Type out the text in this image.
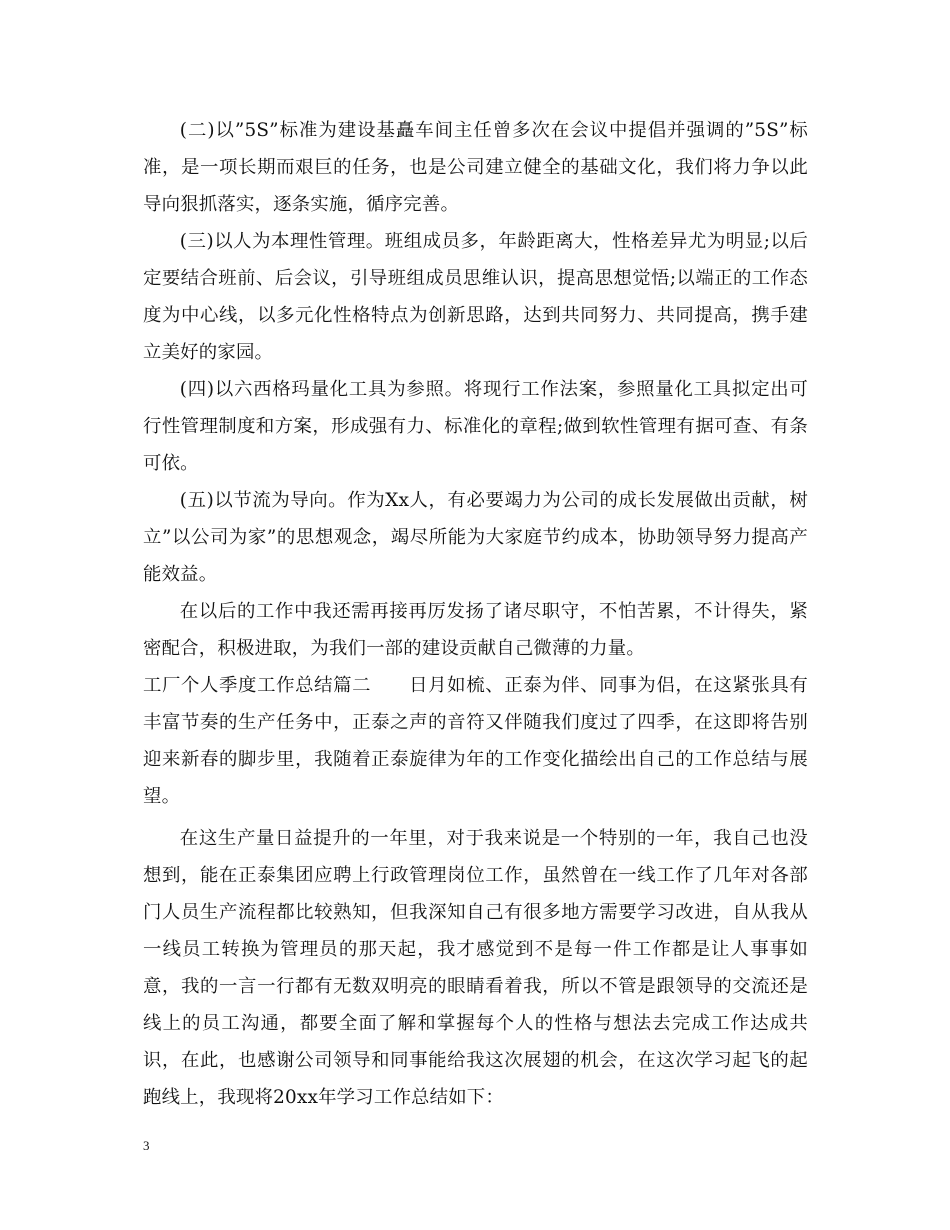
(二)以”5S”标准为建设基矗车间主任曾多次在会议中提倡并强调的”5S”标准，是一项长期而艰巨的任务，也是公司建立健全的基础文化，我们将力争以此导向狠抓落实，逐条实施，循序完善。

(三)以人为本理性管理。班组成员多，年龄距离大，性格差异尤为明显;以后定要结合班前、后会议，引导班组成员思维认识，提高思想觉悟;以端正的工作态度为中心线，以多元化性格特点为创新思路，达到共同努力、共同提高，携手建立美好的家园。

(四)以六西格玛量化工具为参照。将现行工作法案，参照量化工具拟定出可行性管理制度和方案，形成强有力、标准化的章程;做到软性管理有据可查、有条可依。

(五)以节流为导向。作为Xx人，有必要竭力为公司的成长发展做出贡献，树立”以公司为家”的思想观念，竭尽所能为大家庭节约成本，协助领导努力提高产能效益。

在以后的工作中我还需再接再厉发扬了诸尽职守，不怕苦累，不计得失，紧密配合，积极进取，为我们一部的建设贡献自己微薄的力量。

工厂个人季度工作总结篇二　　日月如梳、正泰为伴、同事为侣，在这紧张具有丰富节奏的生产任务中，正泰之声的音符又伴随我们度过了四季，在这即将告别迎来新春的脚步里，我随着正泰旋律为年的工作变化描绘出自己的工作总结与展望。

在这生产量日益提升的一年里，对于我来说是一个特别的一年，我自己也没想到，能在正泰集团应聘上行政管理岗位工作，虽然曾在一线工作了几年对各部门人员生产流程都比较熟知，但我深知自己有很多地方需要学习改进，自从我从一线员工转换为管理员的那天起，我才感觉到不是每一件工作都是让人事事如意，我的一言一行都有无数双明亮的眼睛看着我，所以不管是跟领导的交流还是线上的员工沟通，都要全面了解和掌握每个人的性格与想法去完成工作达成共识，在此，也感谢公司领导和同事能给我这次展翅的机会，在这次学习起飞的起跑线上，我现将20xx年学习工作总结如下：

3
